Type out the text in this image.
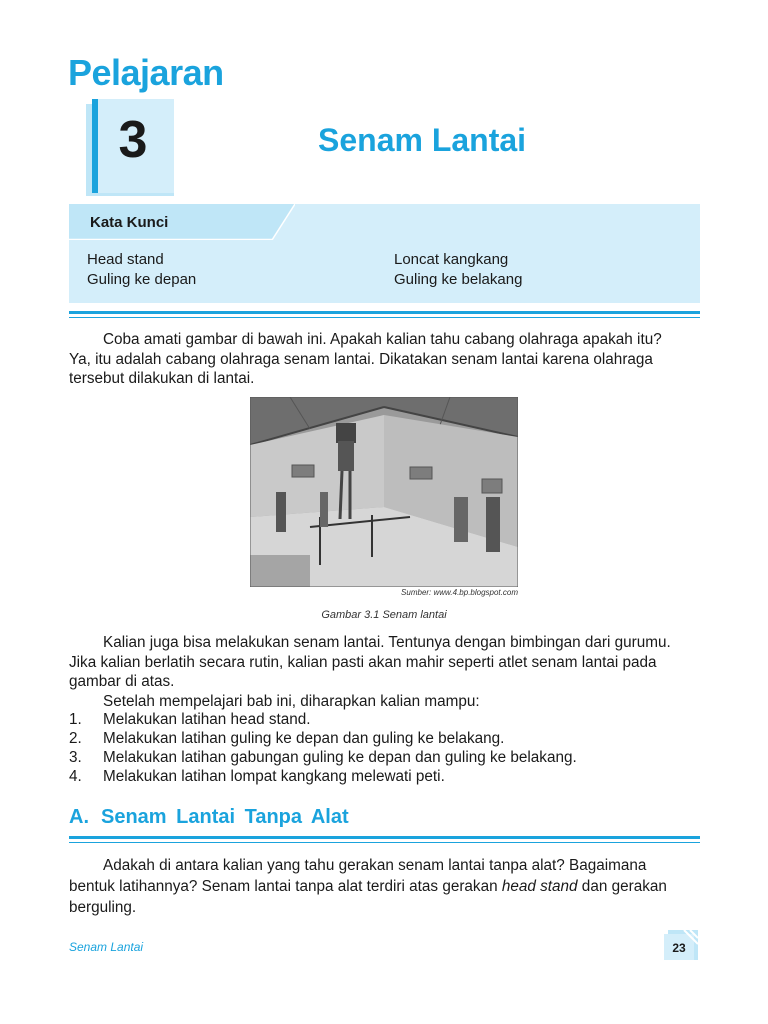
Pelajaran
3	Senam Lantai
Kata Kunci
Head stand
Guling ke depan
Loncat kangkang
Guling ke belakang
Coba amati gambar di bawah ini. Apakah kalian tahu cabang olahraga apakah itu?
Ya, itu adalah cabang olahraga senam lantai. Dikatakan senam lantai karena olahraga
tersebut dilakukan di lantai.
Sumber: www.4.bp.blogspot.com
Gambar 3.1 Senam lantai
Kalian juga bisa melakukan senam lantai. Tentunya dengan bimbingan dari gurumu.
Jika kalian berlatih secara rutin, kalian pasti akan mahir seperti atlet senam lantai pada
gambar di atas.
Setelah mempelajari bab ini, diharapkan kalian mampu:
1. Melakukan latihan head stand.
2. Melakukan latihan guling ke depan dan guling ke belakang.
3. Melakukan latihan gabungan guling ke depan dan guling ke belakang.
4. Melakukan latihan lompat kangkang melewati peti.
A. Senam Lantai Tanpa Alat
Adakah di antara kalian yang tahu gerakan senam lantai tanpa alat? Bagaimana
bentuk latihannya? Senam lantai tanpa alat terdiri atas gerakan head stand dan gerakan
berguling.
Senam Lantai	23
